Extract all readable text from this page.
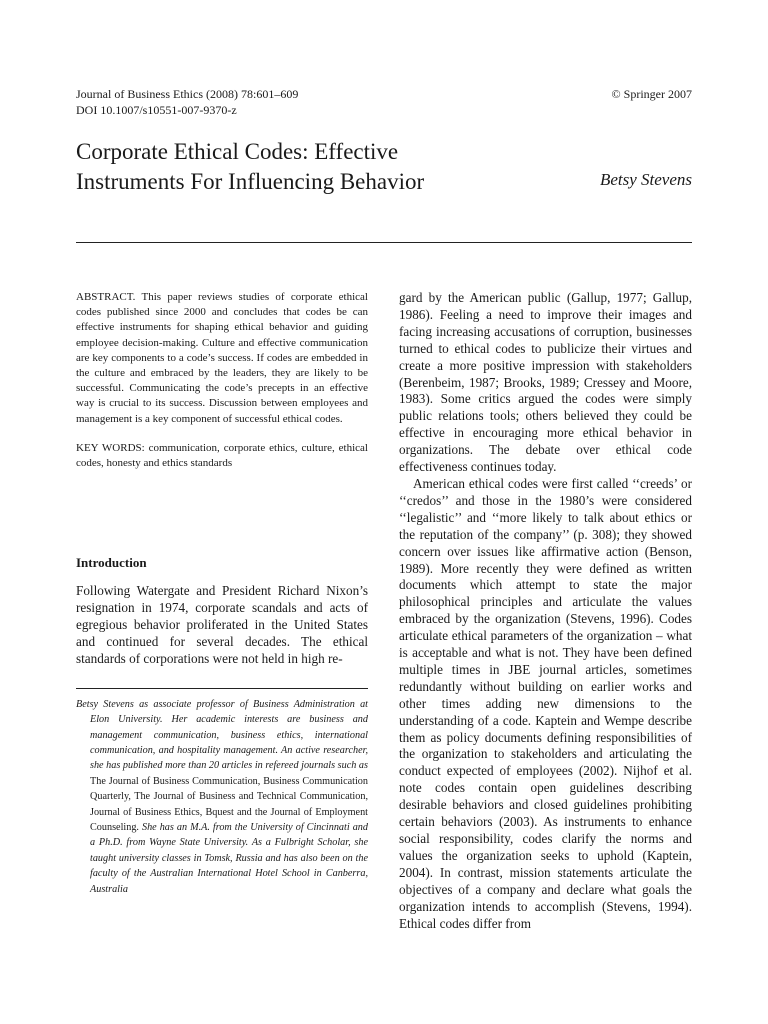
Journal of Business Ethics (2008) 78:601–609
DOI 10.1007/s10551-007-9370-z
© Springer 2007
Corporate Ethical Codes: Effective
Instruments For Influencing Behavior	Betsy Stevens

ABSTRACT. This paper reviews studies of corporate ethical codes published since 2000 and concludes that codes be can effective instruments for shaping ethical behavior and guiding employee decision-making. Culture and effective communication are key components to a code’s success. If codes are embedded in the culture and embraced by the leaders, they are likely to be successful. Communicating the code’s precepts in an effective way is crucial to its success. Discussion between employees and management is a key component of successful ethical codes.

KEY WORDS: communication, corporate ethics, culture, ethical codes, honesty and ethics standards

Introduction

Following Watergate and President Richard Nixon’s resignation in 1974, corporate scandals and acts of egregious behavior proliferated in the United States and continued for several decades. The ethical standards of corporations were not held in high re-

Betsy Stevens as associate professor of Business Administration at Elon University. Her academic interests are business and management communication, business ethics, international communication, and hospitality management. An active researcher, she has published more than 20 articles in refereed journals such as The Journal of Business Communication, Business Communication Quarterly, The Journal of Business and Technical Communication, Journal of Business Ethics, Bquest and the Journal of Employment Counseling. She has an M.A. from the University of Cincinnati and a Ph.D. from Wayne State University. As a Fulbright Scholar, she taught university classes in Tomsk, Russia and has also been on the faculty of the Australian International Hotel School in Canberra, Australia

gard by the American public (Gallup, 1977; Gallup, 1986). Feeling a need to improve their images and facing increasing accusations of corruption, businesses turned to ethical codes to publicize their virtues and create a more positive impression with stakeholders (Berenbeim, 1987; Brooks, 1989; Cressey and Moore, 1983). Some critics argued the codes were simply public relations tools; others believed they could be effective in encouraging more ethical behavior in organizations. The debate over ethical code effectiveness continues today.

American ethical codes were first called ‘‘creeds’ or ‘‘credos’’ and those in the 1980’s were considered ‘‘legalistic’’ and ‘‘more likely to talk about ethics or the reputation of the company’’ (p. 308); they showed concern over issues like affirmative action (Benson, 1989). More recently they were defined as written documents which attempt to state the major philosophical principles and articulate the values embraced by the organization (Stevens, 1996). Codes articulate ethical parameters of the organization – what is acceptable and what is not. They have been defined multiple times in JBE journal articles, sometimes redundantly without building on earlier works and other times adding new dimensions to the understanding of a code. Kaptein and Wempe describe them as policy documents defining responsibilities of the organization to stakeholders and articulating the conduct expected of employees (2002). Nijhof et al. note codes contain open guidelines describing desirable behaviors and closed guidelines prohibiting certain behaviors (2003). As instruments to enhance social responsibility, codes clarify the norms and values the organization seeks to uphold (Kaptein, 2004). In contrast, mission statements articulate the objectives of a company and declare what goals the organization intends to accomplish (Stevens, 1994). Ethical codes differ from
